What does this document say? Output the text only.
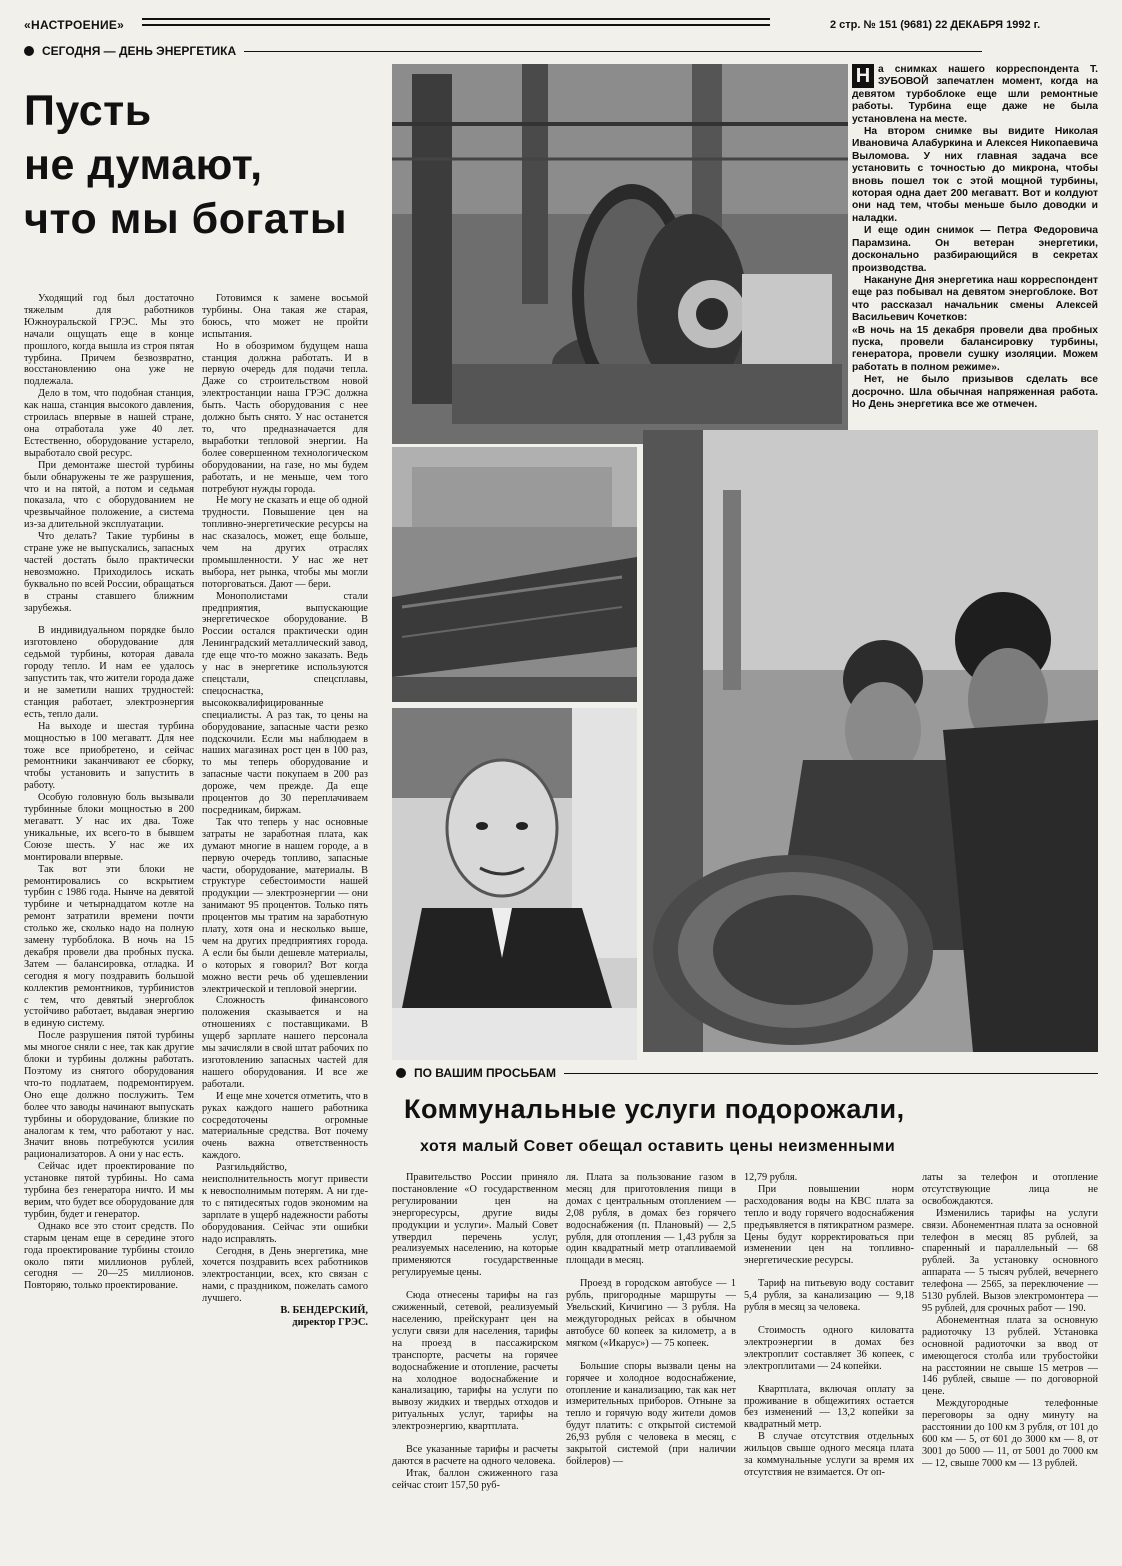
«НАСТРОЕНИЕ»	2 стр. № 151 (9681) 22 ДЕКАБРЯ 1992 г.
СЕГОДНЯ — ДЕНЬ ЭНЕРГЕТИКА
Пусть
не думают,
что мы богаты

Уходящий год был достаточно тяжелым для работников Южноуральской ГРЭС. Мы это начали ощущать еще в конце прошлого, когда вышла из строя пятая турбина. Причем безвозвратно, восстановлению она уже не подлежала.

Дело в том, что подобная станция, как наша, станция высокого давления, строилась впервые в нашей стране, она отработала уже 40 лет. Естественно, оборудование устарело, выработало свой ресурс.

При демонтаже шестой турбины были обнаружены те же разрушения, что и на пятой, а потом и седьмая показала, что с оборудованием не чрезвычайное положение, а система из-за длительной эксплуатации.

Что делать? Такие турбины в стране уже не выпускались, запасных частей достать было практически невозможно. Приходилось искать буквально по всей России, обращаться в страны ставшего ближним зарубежья.

В индивидуальном порядке было изготовлено оборудование для седьмой турбины, которая давала городу тепло. И нам ее удалось запустить так, что жители города даже и не заметили наших трудностей: станция работает, электроэнергия есть, тепло дали.

На выходе и шестая турбина мощностью в 100 мегаватт. Для нее тоже все приобретено, и сейчас ремонтники заканчивают ее сборку, чтобы установить и запустить в работу.

Особую головную боль вызывали турбинные блоки мощностью в 200 мегаватт. У нас их два. Тоже уникальные, их всего-то в бывшем Союзе шесть. У нас же их монтировали впервые.

Так вот эти блоки не ремонтировались со вскрытием турбин с 1986 года. Нынче на девятой турбине и четырнадцатом котле на ремонт затратили времени почти столько же, сколько надо на полную замену турбоблока. В ночь на 15 декабря провели два пробных пуска. Затем — балансировка, отладка. И сегодня я могу поздравить большой коллектив ремонтников, турбинистов с тем, что девятый энергоблок устойчиво работает, выдавая энергию в единую систему.

После разрушения пятой турбины мы многое сняли с нее, так как другие блоки и турбины должны работать. Поэтому из снятого оборудования что-то подлатаем, подремонтируем. Оно еще должно послужить. Тем более что заводы начинают выпускать турбины и оборудование, близкие по аналогам к тем, что работают у нас. Значит вновь потребуются усилия рационализаторов. А они у нас есть.

Сейчас идет проектирование по установке пятой турбины. Но сама турбина без генератора ничто. И мы верим, что будет все оборудование для турбин, будет и генератор.

Однако все это стоит средств. По старым ценам еще в середине этого года проектирование турбины стоило около пяти миллионов рублей, сегодня — 20—25 миллионов. Повторяю, только проектирование.

Готовимся к замене восьмой турбины. Она такая же старая, боюсь, что может не пройти испытания.

Но в обозримом будущем наша станция должна работать. И в первую очередь для подачи тепла. Даже со строительством новой электростанции наша ГРЭС должна быть. Часть оборудования с нее должно быть снято. У нас останется то, что предназначается для выработки тепловой энергии. На более совершенном технологическом оборудовании, на газе, но мы будем работать, и не меньше, чем того потребуют нужды города.

Не могу не сказать и еще об одной трудности. Повышение цен на топливно-энергетические ресурсы на нас сказалось, может, еще больше, чем на других отраслях промышленности. У нас же нет выбора, нет рынка, чтобы мы могли поторговаться. Дают — бери.

Монополистами стали предприятия, выпускающие энергетическое оборудование. В России остался практически один Ленинградский металлический завод, где еще что-то можно заказать. Ведь у нас в энергетике используются спецстали, спецсплавы, спецоснастка, высококвалифицированные специалисты. А раз так, то цены на оборудование, запасные части резко подскочили. Если мы наблюдаем в наших магазинах рост цен в 100 раз, то мы теперь оборудование и запасные части покупаем в 200 раз дороже, чем прежде. Да еще процентов до 30 переплачиваем посредникам, биржам.

Так что теперь у нас основные затраты не заработная плата, как думают многие в нашем городе, а в первую очередь топливо, запасные части, оборудование, материалы. В структуре себестоимости нашей продукции — электроэнергии — они занимают 95 процентов. Только пять процентов мы тратим на заработную плату, хотя она и несколько выше, чем на других предприятиях города. А если бы были дешевле материалы, о которых я говорил? Вот когда можно вести речь об удешевлении электрической и тепловой энергии.

Сложность финансового положения сказывается и на отношениях с поставщиками. В ущерб зарплате нашего персонала мы зачисляли в свой штат рабочих по изготовлению запасных частей для нашего оборудования. И все же работали.

И еще мне хочется отметить, что в руках каждого нашего работника сосредоточены огромные материальные средства. Вот почему очень важна ответственность каждого.

Разгильдяйство, неисполнительность могут привести к невосполнимым потерям. А ни где-то с пятидесятых годов экономим на зарплате в ущерб надежности работы оборудования. Сейчас эти ошибки надо исправлять.

Сегодня, в День энергетика, мне хочется поздравить всех работников электростанции, всех, кто связан с нами, с праздником, пожелать самого лучшего.

В. БЕНДЕРСКИЙ,

директор ГРЭС.

Н а снимках нашего корреспондента Т. ЗУБОВОЙ запечатлен момент, когда на девятом турбоблоке еще шли ремонтные работы. Турбина еще даже не была установлена на месте.

На втором снимке вы видите Николая Ивановича Алабуркина и Алексея Никопаевича Выломова. У них главная задача все установить с точностью до микрона, чтобы вновь пошел ток с этой мощной турбины, которая одна дает 200 мегаватт. Вот и колдуют они над тем, чтобы меньше было доводки и наладки.

И еще один снимок — Петра Федоровича Парамзина. Он ветеран энергетики, досконально разбирающийся в секретах производства.

Накануне Дня энергетика наш корреспондент еще раз побывал на девятом энергоблоке. Вот что рассказал начальник смены Алексей Васильевич Кочетков:

«В ночь на 15 декабря провели два пробных пуска, провели балансировку турбины, генератора, провели сушку изоляции. Можем работать в полном режиме».

Нет, не было призывов сделать все досрочно. Шла обычная напряженная работа. Но День энергетика все же отмечен.

ПО ВАШИМ ПРОСЬБАМ
Коммунальные услуги подорожали,
хотя малый Совет обещал оставить цены неизменными

Правительство России приняло постановление «О государственном регулировании цен на энергоресурсы, другие виды продукции и услуги». Малый Совет утвердил перечень услуг, реализуемых населению, на которые применяются государственные регулируемые цены.

Сюда отнесены тарифы на газ сжиженный, сетевой, реализуемый населению, прейскурант цен на услуги связи для населения, тарифы на проезд в пассажирском транспорте, расчеты на горячее водоснабжение и отопление, расчеты на холодное водоснабжение и канализацию, тарифы на услуги по вывозу жидких и твердых отходов и ритуальных услуг, тарифы на электроэнергию, квартплата.

Все указанные тарифы и расчеты даются в расчете на одного человека.

Итак, баллон сжиженного газа сейчас стоит 157,50 руб-

ля. Плата за пользование газом в месяц для приготовления пищи в домах с центральным отоплением — 2,08 рубля, в домах без горячего водоснабжения (п. Плановый) — 2,5 рубля, для отопления — 1,43 рубля за один квадратный метр отапливаемой площади в месяц.

Проезд в городском автобусе — 1 рубль, пригородные маршруты — Увельский, Кичигино — 3 рубля. На междугородных рейсах в обычном автобусе 60 копеек за километр, а в мягком («Икарус») — 75 копеек.

Большие споры вызвали цены на горячее и холодное водоснабжение, отопление и канализацию, так как нет измерительных приборов. Отныне за тепло и горячую воду жители домов будут платить: с открытой системой 26,93 рубля с человека в месяц, с закрытой системой (при наличии бойлеров) —

12,79 рубля.

При повышении норм расходования воды на КВС плата за тепло и воду горячего водоснабжения предъявляется в пятикратном размере. Цены будут корректироваться при изменении цен на топливно-энергетические ресурсы.

Тариф на питьевую воду составит 5,4 рубля, за канализацию — 9,18 рубля в месяц за человека.

Стоимость одного киловатта электроэнергии в домах без электроплит составляет 36 копеек, с электроплитами — 24 копейки.

Квартплата, включая оплату за проживание в общежитиях остается без изменений — 13,2 копейки за квадратный метр.

В случае отсутствия отдельных жильцов свыше одного месяца плата за коммунальные услуги за время их отсутствия не взимается. От оп-

латы за телефон и отопление отсутствующие лица не освобождаются.

Изменились тарифы на услуги связи. Абонементная плата за основной телефон в месяц 85 рублей, за спаренный и параллельный — 68 рублей. За установку основного аппарата — 5 тысяч рублей, вечернего телефона — 2565, за переключение — 5130 рублей. Вызов электромонтера — 95 рублей, для срочных работ — 190.

Абонементная плата за основную радиоточку 13 рублей. Установка основной радиоточки за ввод от имеющегося столба или трубостойки на расстоянии не свыше 15 метров — 146 рублей, свыше — по договорной цене.

Междугородные телефонные переговоры за одну минуту на расстоянии до 100 км 3 рубля, от 101 до 600 км — 5, от 601 до 3000 км — 8, от 3001 до 5000 — 11, от 5001 до 7000 км — 12, свыше 7000 км — 13 рублей.
